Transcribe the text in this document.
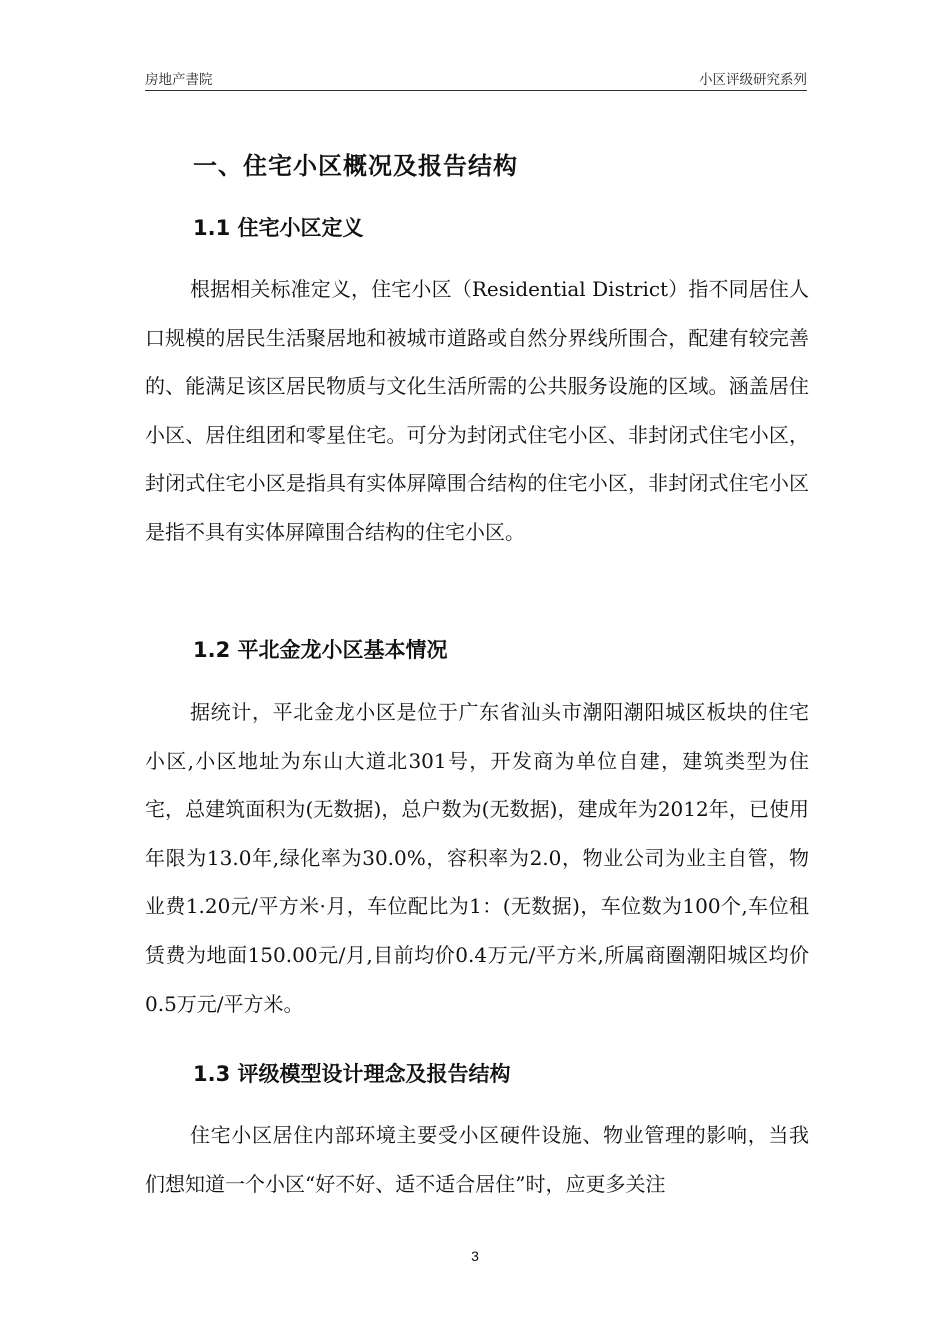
房地产書院	小区评级研究系列
一、住宅小区概况及报告结构
1.1 住宅小区定义

根据相关标准定义，住宅小区（Residential District）指不同居住人口规模的居民生活聚居地和被城市道路或自然分界线所围合，配建有较完善的、能满足该区居民物质与文化生活所需的公共服务设施的区域。涵盖居住小区、居住组团和零星住宅。可分为封闭式住宅小区、非封闭式住宅小区，封闭式住宅小区是指具有实体屏障围合结构的住宅小区，非封闭式住宅小区是指不具有实体屏障围合结构的住宅小区。

1.2 平北金龙小区基本情况

据统计，平北金龙小区是位于广东省汕头市潮阳潮阳城区板块的住宅小区,小区地址为东山大道北301号，开发商为单位自建，建筑类型为住宅，总建筑面积为(无数据)，总户数为(无数据)，建成年为2012年，已使用年限为13.0年,绿化率为30.0%，容积率为2.0，物业公司为业主自管，物业费1.20元/平方米·月，车位配比为1：(无数据)，车位数为100个,车位租赁费为地面150.00元/月,目前均价0.4万元/平方米,所属商圈潮阳城区均价0.5万元/平方米。

1.3 评级模型设计理念及报告结构

住宅小区居住内部环境主要受小区硬件设施、物业管理的影响，当我们想知道一个小区“好不好、适不适合居住”时，应更多关注

3
